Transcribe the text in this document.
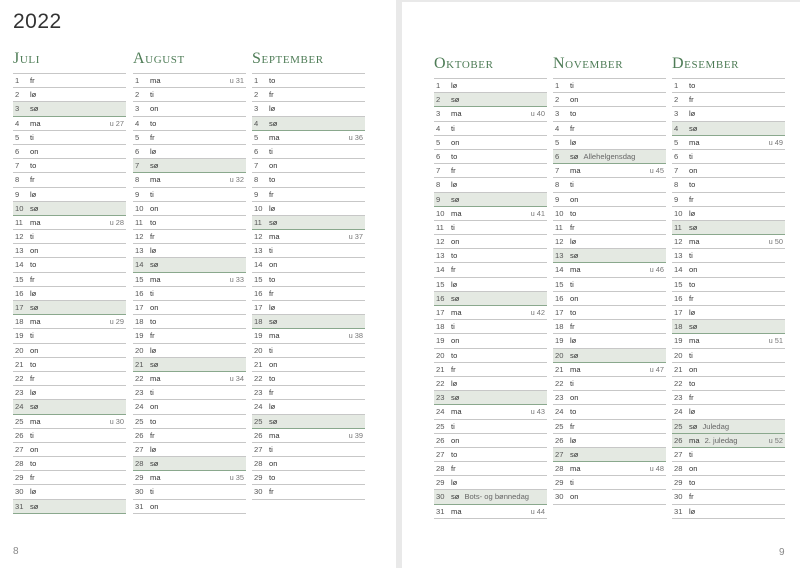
2022
Juli
1 fr
2 lø
3 sø
4 ma	u 27
5 ti
6 on
7 to
8 fr
9 lø
10 sø
11 ma	u 28
12 ti
13 on
14 to
15 fr
16 lø
17 sø
18 ma	u 29
19 ti
20 on
21 to
22 fr
23 lø
24 sø
25 ma	u 30
26 ti
27 on
28 to
29 fr
30 lø
31 sø
August
1 ma	u 31
2 ti
3 on
4 to
5 fr
6 lø
7 sø
8 ma	u 32
9 ti
10 on
11 to
12 fr
13 lø
14 sø
15 ma	u 33
16 ti
17 on
18 to
19 fr
20 lø
21 sø
22 ma	u 34
23 ti
24 on
25 to
26 fr
27 lø
28 sø
29 ma	u 35
30 ti
31 on
September
1 to
2 fr
3 lø
4 sø
5 ma	u 36
6 ti
7 on
8 to
9 fr
10 lø
11 sø
12 ma	u 37
13 ti
14 on
15 to
16 fr
17 lø
18 sø
19 ma	u 38
20 ti
21 on
22 to
23 fr
24 lø
25 sø
26 ma	u 39
27 ti
28 on
29 to
30 fr
8
Oktober
1 lø
2 sø
3 ma	u 40
4 ti
5 on
6 to
7 fr
8 lø
9 sø
10 ma	u 41
11 ti
12 on
13 to
14 fr
15 lø
16 sø
17 ma	u 42
18 ti
19 on
20 to
21 fr
22 lø
23 sø
24 ma	u 43
25 ti
26 on
27 to
28 fr
29 lø
30 sø Bots- og bønnedag
31 ma	u 44
November
1 ti
2 on
3 to
4 fr
5 lø
6 sø Allehelgensdag
7 ma	u 45
8 ti
9 on
10 to
11 fr
12 lø
13 sø
14 ma	u 46
15 ti
16 on
17 to
18 fr
19 lø
20 sø
21 ma	u 47
22 ti
23 on
24 to
25 fr
26 lø
27 sø
28 ma	u 48
29 ti
30 on
Desember
1 to
2 fr
3 lø
4 sø
5 ma	u 49
6 ti
7 on
8 to
9 fr
10 lø
11 sø
12 ma	u 50
13 ti
14 on
15 to
16 fr
17 lø
18 sø
19 ma	u 51
20 ti
21 on
22 to
23 fr
24 lø
25 sø Juledag
26 ma 2. juledag	u 52
27 ti
28 on
29 to
30 fr
31 lø
9
